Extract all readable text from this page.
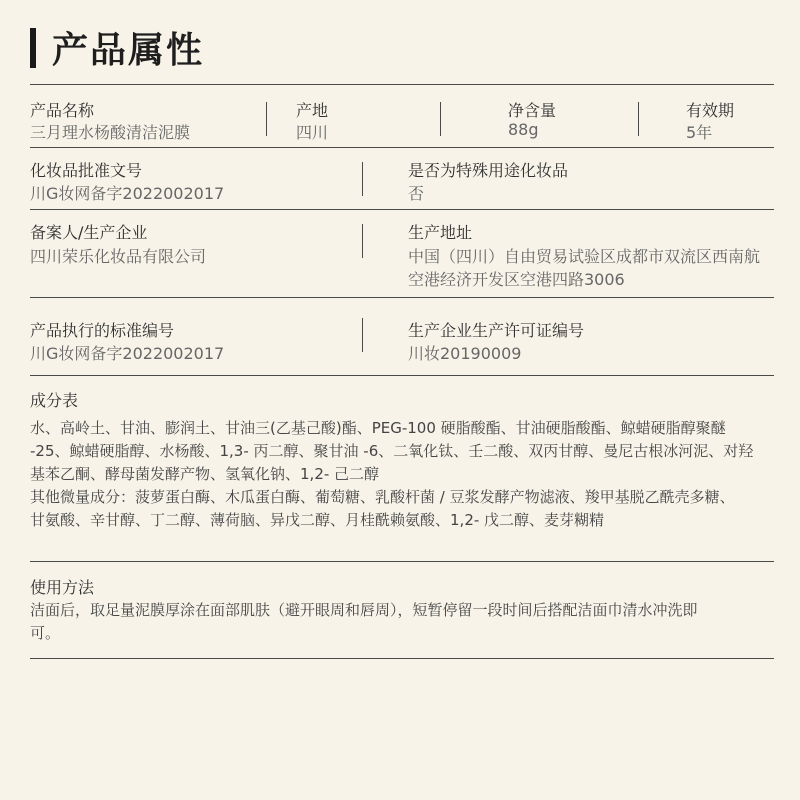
产品属性
产品名称
三月理水杨酸清洁泥膜
产地
四川
净含量
88g
有效期
5年
化妆品批准文号
川G妆网备字2022002017
是否为特殊用途化妆品
否
备案人/生产企业
四川荣乐化妆品有限公司
生产地址
中国（四川）自由贸易试验区成都市双流区西南航
空港经济开发区空港四路3006
产品执行的标准编号
川G妆网备字2022002017
生产企业生产许可证编号
川妆20190009
成分表

水、高岭土、甘油、膨润土、甘油三(乙基己酸)酯、PEG-100 硬脂酸酯、甘油硬脂酸酯、鲸蜡硬脂醇聚醚

-25、鲸蜡硬脂醇、水杨酸、1,3- 丙二醇、聚甘油 -6、二氧化钛、壬二酸、双丙甘醇、曼尼古根冰河泥、对羟

基苯乙酮、酵母菌发酵产物、氢氧化钠、1,2- 己二醇

其他微量成分：菠萝蛋白酶、木瓜蛋白酶、葡萄糖、乳酸杆菌 / 豆浆发酵产物滤液、羧甲基脱乙酰壳多糖、

甘氨酸、辛甘醇、丁二醇、薄荷脑、异戊二醇、月桂酰赖氨酸、1,2- 戊二醇、麦芽糊精

使用方法

洁面后，取足量泥膜厚涂在面部肌肤（避开眼周和唇周），短暂停留一段时间后搭配洁面巾清水冲洗即

可。
